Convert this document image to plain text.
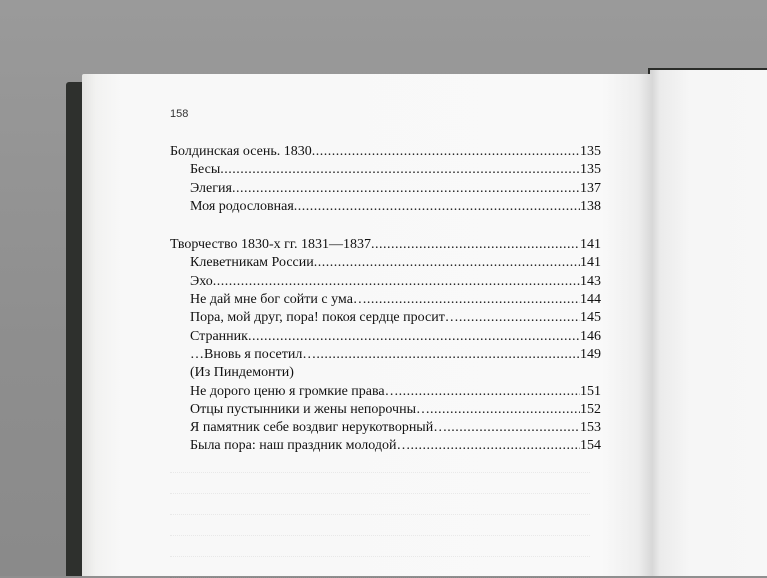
158
Болдинская осень. 1830 .....	135
Бесы .....	135
Элегия .....	137
Моя родословная .....	138
Творчество 1830-х гг. 1831—1837 .....	141
Клеветникам России .....	141
Эхо .....	143
Не дай мне бог сойти с ума… .....	144
Пора, мой друг, пора! покоя сердце просит… .....	145
Странник .....	146
…Вновь я посетил… .....	149
(Из Пиндемонти)
Не дорого ценю я громкие права… .....	151
Отцы пустынники и жены непорочны… .....	152
Я памятник себе воздвиг нерукотворный… .....	153
Была пора: наш праздник молодой… .....	154
